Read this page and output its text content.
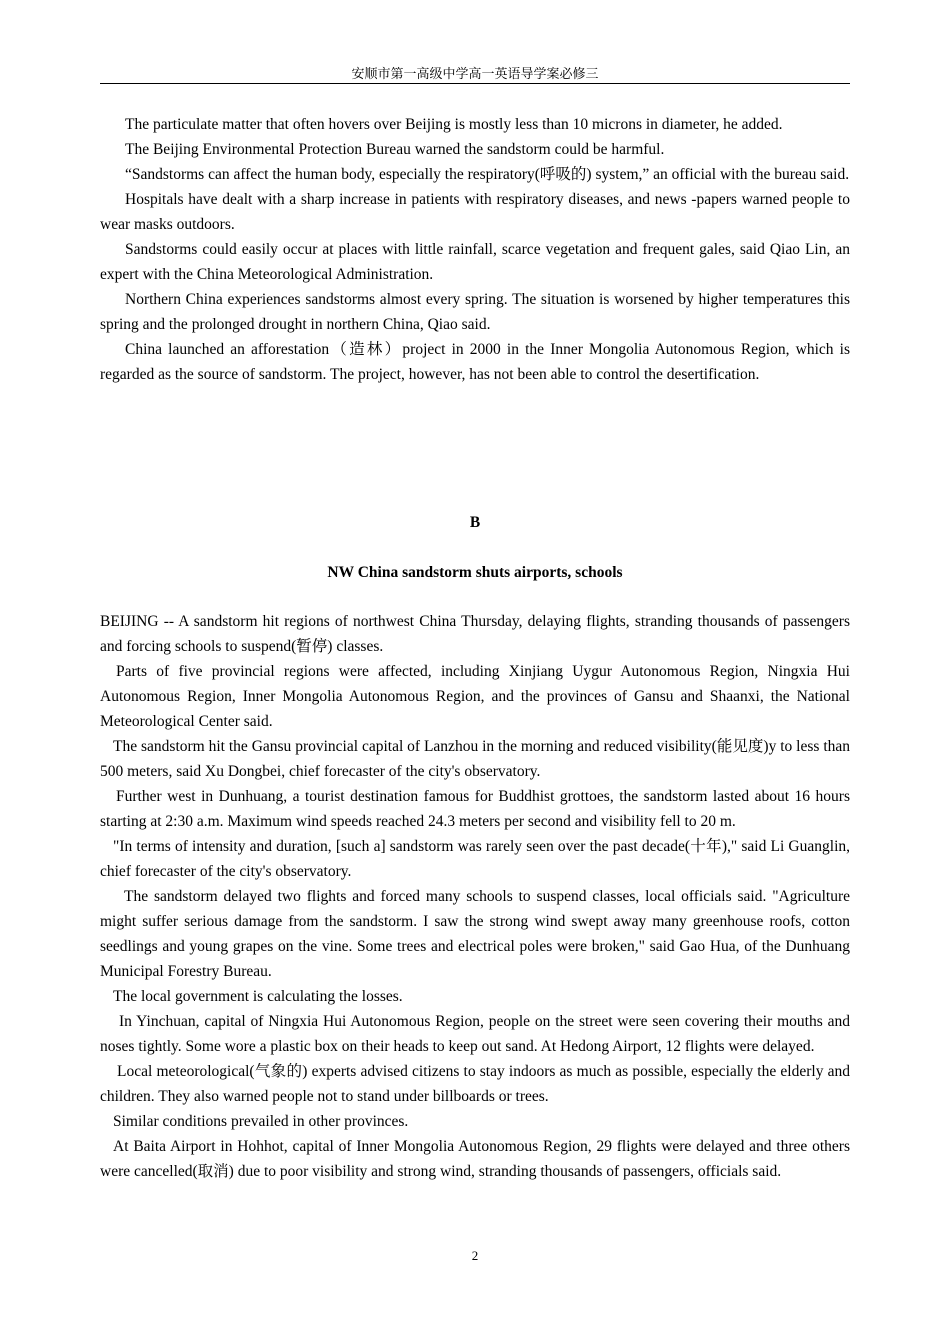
安顺市第一高级中学高一英语导学案必修三

The particulate matter that often hovers over Beijing is mostly less than 10 microns in diameter, he added.

The Beijing Environmental Protection Bureau warned the sandstorm could be harmful.

“Sandstorms can affect the human body, especially the respiratory(呼吸的) system,” an official with the bureau said.

Hospitals have dealt with a sharp increase in patients with respiratory diseases, and news -papers warned people to wear masks outdoors.

Sandstorms could easily occur at places with little rainfall, scarce vegetation and frequent gales, said Qiao Lin, an expert with the China Meteorological Administration.

Northern China experiences sandstorms almost every spring. The situation is worsened by higher temperatures this spring and the prolonged drought in northern China, Qiao said.

China launched an afforestation（造林）project in 2000 in the Inner Mongolia Autonomous Region, which is regarded as the source of sandstorm. The project, however, has not been able to control the desertification.

B
NW China sandstorm shuts airports, schools

BEIJING -- A sandstorm hit regions of northwest China Thursday, delaying flights, stranding thousands of passengers and forcing schools to suspend(暂停) classes.

Parts of five provincial regions were affected, including Xinjiang Uygur Autonomous Region, Ningxia Hui Autonomous Region, Inner Mongolia Autonomous Region, and the provinces of Gansu and Shaanxi, the National Meteorological Center said.

The sandstorm hit the Gansu provincial capital of Lanzhou in the morning and reduced visibility(能见度)y to less than 500 meters, said Xu Dongbei, chief forecaster of the city's observatory.

Further west in Dunhuang, a tourist destination famous for Buddhist grottoes, the sandstorm lasted about 16 hours starting at 2:30 a.m. Maximum wind speeds reached 24.3 meters per second and visibility fell to 20 m.

"In terms of intensity and duration, [such a] sandstorm was rarely seen over the past decade(十年)," said Li Guanglin, chief forecaster of the city's observatory.

The sandstorm delayed two flights and forced many schools to suspend classes, local officials said. "Agriculture might suffer serious damage from the sandstorm. I saw the strong wind swept away many greenhouse roofs, cotton seedlings and young grapes on the vine. Some trees and electrical poles were broken," said Gao Hua, of the Dunhuang Municipal Forestry Bureau.

The local government is calculating the losses.

In Yinchuan, capital of Ningxia Hui Autonomous Region, people on the street were seen covering their mouths and noses tightly. Some wore a plastic box on their heads to keep out sand. At Hedong Airport, 12 flights were delayed.

Local meteorological(气象的) experts advised citizens to stay indoors as much as possible, especially the elderly and children. They also warned people not to stand under billboards or trees.

Similar conditions prevailed in other provinces.

At Baita Airport in Hohhot, capital of Inner Mongolia Autonomous Region, 29 flights were delayed and three others were cancelled(取消) due to poor visibility and strong wind, stranding thousands of passengers, officials said.

2
